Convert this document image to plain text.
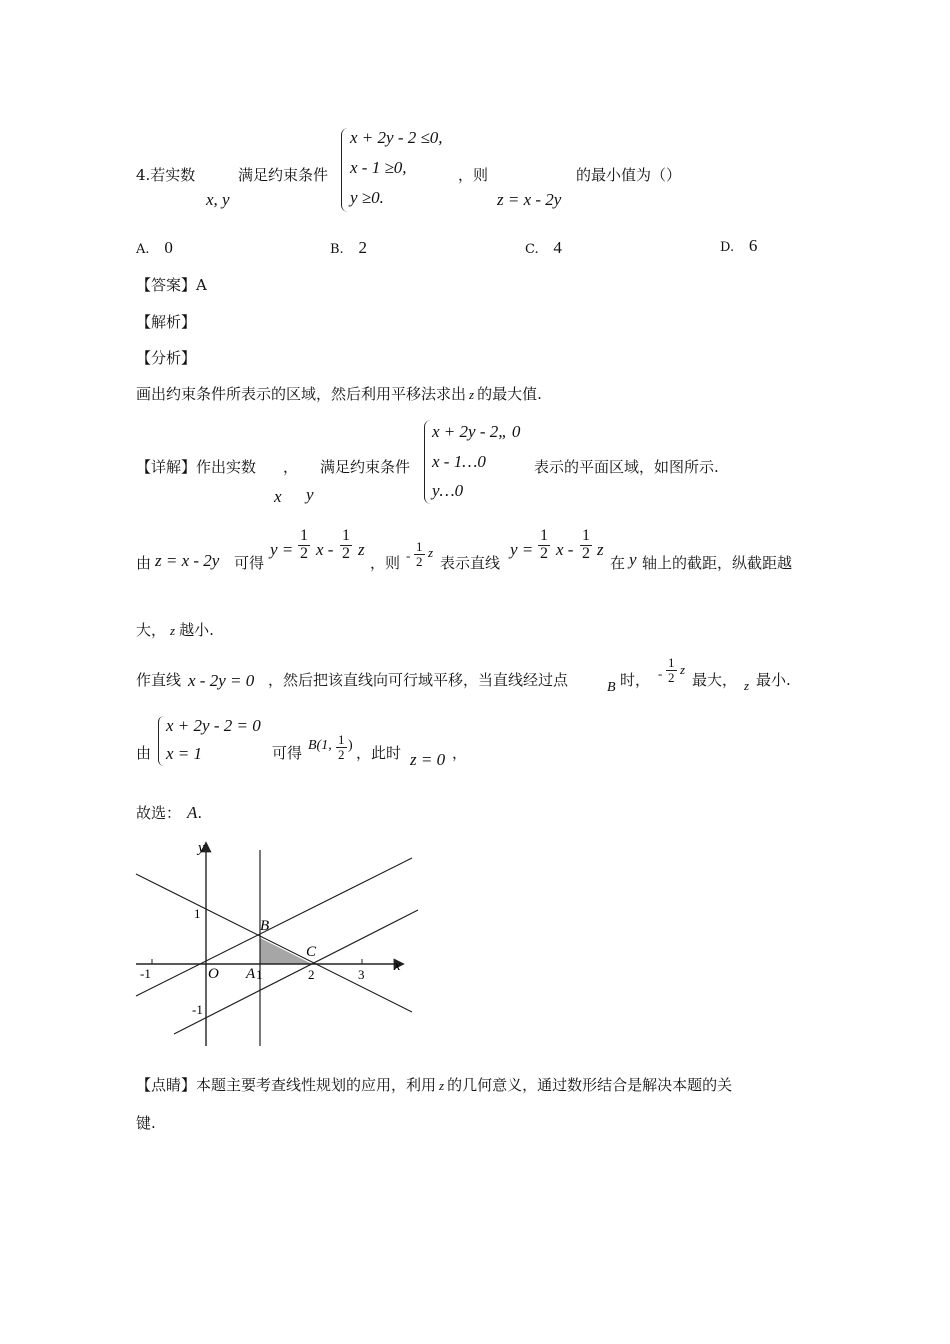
4.若实数
x, y
满足约束条件
x + 2y - 2 ≤0,
x - 1 ≥0,
y ≥0.
，则
z = x - 2y
的最小值为（）
A. 0	B. 2	C. 4	D. 6
【答案】A
【解析】
【分析】
画出约束条件所表示的区域，然后利用平移法求出 z 的最大值.
【详解】作出实数 ，
x y
满足约束条件
x + 2y - 2„ 0
x - 1…0
y…0
表示的平面区域，如图所示.
由 z = x - 2y 可得
$y = \frac{1}{2}$ x - $\frac{1}{2}$ z
，则 - $\frac{1}{2}$ z
表示直线
$y = \frac{1}{2}$ x - $\frac{1}{2}$ z
在 y 轴上的截距，纵截距越
大， z 越小.
作直线 x - 2y = 0 ，然后把该直线向可行域平移，当直线经过点	B 时， - $\frac{1}{2}$ z
最大， z 最小.
由
x + 2y - 2 = 0
x = 1	可得 B(1, $\frac{1}{2}$ ) ，此时 z = 0 ，
故选： A.
y
x
O A
B
C
-1	1	2	3
1
-1
【点睛】本题主要考查线性规划的应用，利用 z 的几何意义，通过数形结合是解决本题的关
键.
